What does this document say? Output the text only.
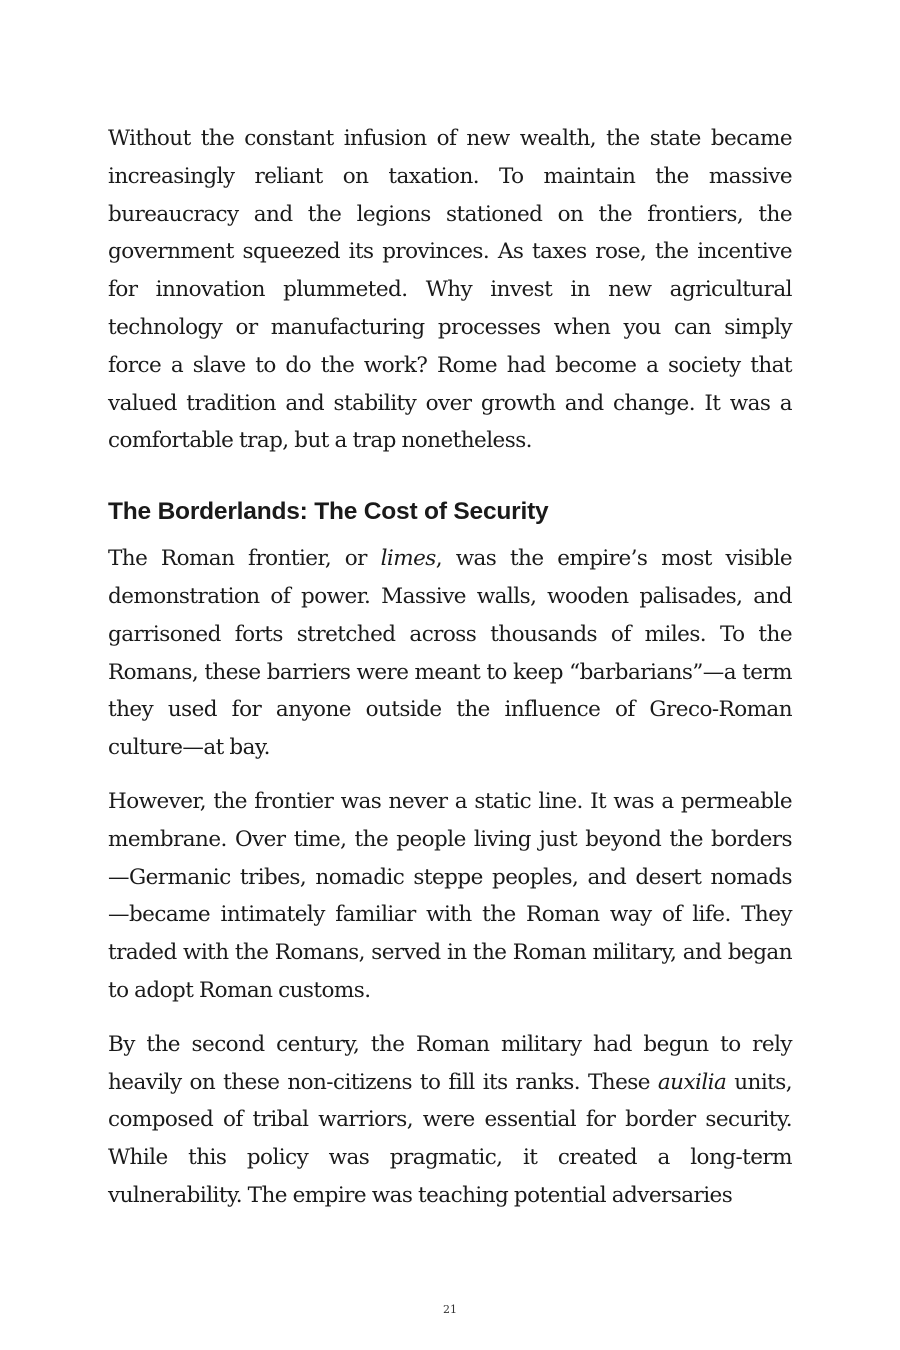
Without the constant infusion of new wealth, the state became increasingly reliant on taxation. To maintain the massive bureaucracy and the legions stationed on the frontiers, the government squeezed its provinces. As taxes rose, the incentive for innovation plummeted. Why invest in new agricultural technology or manufacturing processes when you can simply force a slave to do the work? Rome had become a society that valued tradition and stability over growth and change. It was a comfortable trap, but a trap nonetheless.

The Borderlands: The Cost of Security

The Roman frontier, or limes, was the empire’s most visible demonstration of power. Massive walls, wooden palisades, and garrisoned forts stretched across thousands of miles. To the Romans, these barriers were meant to keep “barbarians”—a term they used for anyone outside the influence of Greco-Roman culture—at bay.

However, the frontier was never a static line. It was a permeable membrane. Over time, the people living just beyond the borders —Germanic tribes, nomadic steppe peoples, and desert nomads —became intimately familiar with the Roman way of life. They traded with the Romans, served in the Roman military, and began to adopt Roman customs.

By the second century, the Roman military had begun to rely heavily on these non-citizens to fill its ranks. These auxilia units, composed of tribal warriors, were essential for border security. While this policy was pragmatic, it created a long-term vulnerability. The empire was teaching potential adversaries

21
